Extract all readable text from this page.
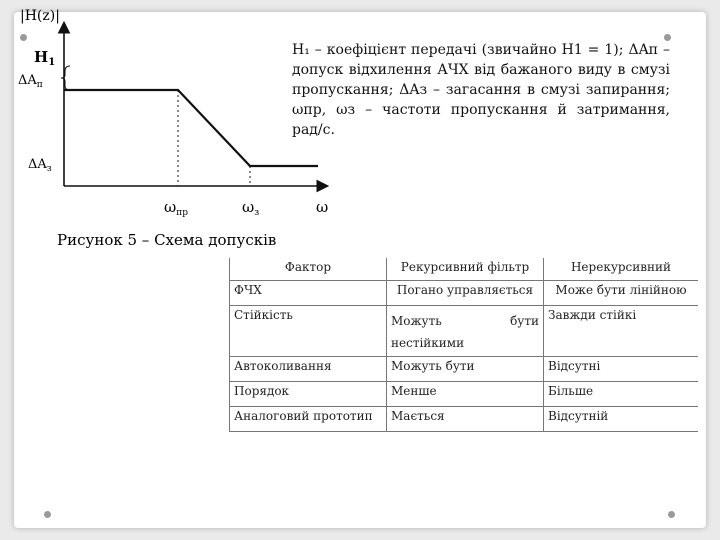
|H(z)|
ω
$H_1$
$\Delta A_п$
$\Delta A_з$
$\omega_{пр}$	$\omega_з$
H₁ – коефіцієнт передачі (звичайно H1 = 1); ΔAп – допуск відхилення АЧХ від бажаного виду в смузі пропускання; ΔAз – загасання в смузі запирання; ωпр, ωз – частоти пропускання й затримання, рад/с.
Рисунок 5 – Схема допусків
Фактор	Рекурсивний фільтр	Нерекурсивний
ФЧХ	Погано управляється	Може бути лінійною
Стійкість	Можуть бути нестійкими	Завжди стійкі
Автоколивання	Можуть бути	Відсутні
Порядок	Менше	Більше
Аналоговий прототип	Мається	Відсутній
